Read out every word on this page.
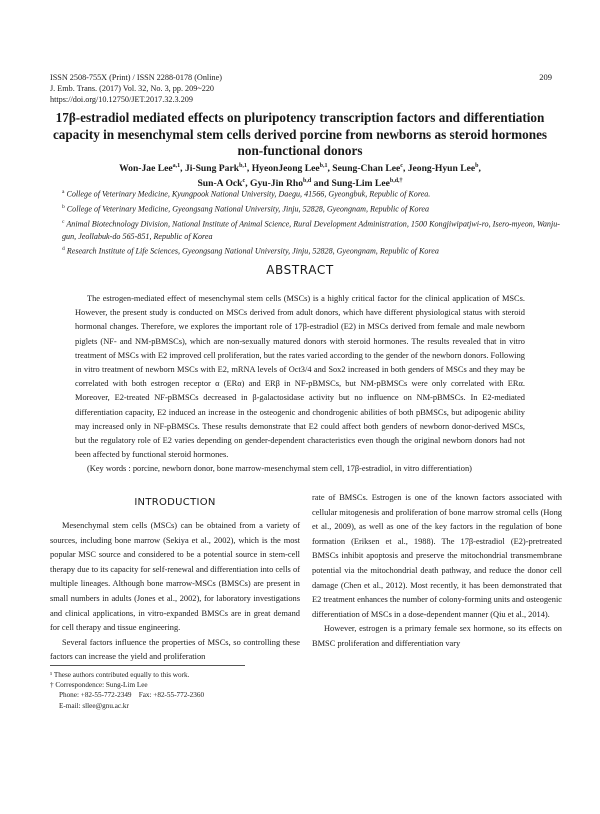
ISSN 2508-755X (Print) / ISSN 2288-0178 (Online)
J. Emb. Trans. (2017) Vol. 32, No. 3, pp. 209~220
https://doi.org/10.12750/JET.2017.32.3.209
209
17β-estradiol mediated effects on pluripotency transcription factors and differentiation capacity in mesenchymal stem cells derived porcine from newborns as steroid hormones non-functional donors
Won-Jae Lee$^{a,1}$, Ji-Sung Park$^{b,1}$, HyeonJeong Lee$^{b,1}$, Seung-Chan Lee$^c$, Jeong-Hyun Lee$^b$,
Sun-A Ock$^c$, Gyu-Jin Rho$^{b,d}$ and Sung-Lim Lee$^{b,d,\dagger}$
$^a$ College of Veterinary Medicine, Kyungpook National University, Daegu, 41566, Gyeongbuk, Republic of Korea.
$^b$ College of Veterinary Medicine, Gyeongsang National University, Jinju, 52828, Gyeongnam, Republic of Korea
$^c$ Animal Biotechnology Division, National Institute of Animal Science, Rural Development Administration, 1500 Kongjiwipatjwi-ro, Isero-myeon, Wanju-gun, Jeollabuk-do 565-851, Republic of Korea
$^d$ Research Institute of Life Sciences, Gyeongsang National University, Jinju, 52828, Gyeongnam, Republic of Korea
ABSTRACT

The estrogen-mediated effect of mesenchymal stem cells (MSCs) is a highly critical factor for the clinical application of MSCs. However, the present study is conducted on MSCs derived from adult donors, which have different physiological status with steroid hormonal changes. Therefore, we explores the important role of 17β-estradiol (E2) in MSCs derived from female and male newborn piglets (NF- and NM-pBMSCs), which are non-sexually matured donors with steroid hormones. The results revealed that in vitro treatment of MSCs with E2 improved cell proliferation, but the rates varied according to the gender of the newborn donors. Following in vitro treatment of newborn MSCs with E2, mRNA levels of Oct3/4 and Sox2 increased in both genders of MSCs and they may be correlated with both estrogen receptor α (ERα) and ERβ in NF-pBMSCs, but NM-pBMSCs were only correlated with ERα. Moreover, E2-treated NF-pBMSCs decreased in β-galactosidase activity but no influence on NM-pBMSCs. In E2-mediated differentiation capacity, E2 induced an increase in the osteogenic and chondrogenic abilities of both pBMSCs, but adipogenic ability may increased only in NF-pBMSCs. These results demonstrate that E2 could affect both genders of newborn donor-derived MSCs, but the regulatory role of E2 varies depending on gender-dependent characteristics even though the original newborn donors had not been affected by functional steroid hormones.

(Key words : porcine, newborn donor, bone marrow-mesenchymal stem cell, 17β-estradiol, in vitro differentiation)

INTRODUCTION

Mesenchymal stem cells (MSCs) can be obtained from a variety of sources, including bone marrow (Sekiya et al., 2002), which is the most popular MSC source and considered to be a potential source in stem-cell therapy due to its capacity for self-renewal and differentiation into cells of multiple lineages. Although bone marrow-MSCs (BMSCs) are present in small numbers in adults (Jones et al., 2002), for laboratory investigations and clinical applications, in vitro-expanded BMSCs are in great demand for cell therapy and tissue engineering.

Several factors influence the properties of MSCs, so controlling these factors can increase the yield and proliferation

rate of BMSCs. Estrogen is one of the known factors associated with cellular mitogenesis and proliferation of bone marrow stromal cells (Hong et al., 2009), as well as one of the key factors in the regulation of bone formation (Eriksen et al., 1988). The 17β-estradiol (E2)-pretreated BMSCs inhibit apoptosis and preserve the mitochondrial transmembrane potential via the mitochondrial death pathway, and reduce the donor cell damage (Chen et al., 2012). Most recently, it has been demonstrated that E2 treatment enhances the number of colony-forming units and osteogenic differentiation of MSCs in a dose-dependent manner (Qiu et al., 2014).

However, estrogen is a primary female sex hormone, so its effects on BMSC proliferation and differentiation vary

¹ These authors contributed equally to this work.
† Correspondence: Sung-Lim Lee
Phone: +82-55-772-2349    Fax: +82-55-772-2360
E-mail: sllee@gnu.ac.kr
